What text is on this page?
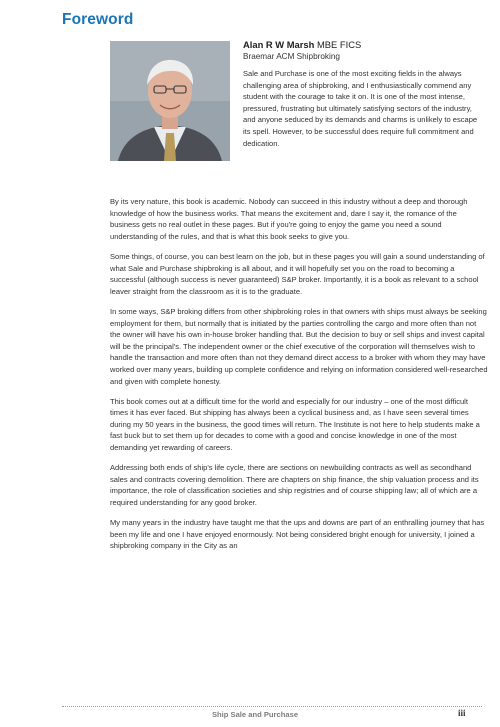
Foreword
Alan R W Marsh MBE FICS
Braemar ACM Shipbroking

Sale and Purchase is one of the most exciting fields in the always challenging area of shipbroking, and I enthusiastically commend any student with the courage to take it on. It is one of the most intense, pressured, frustrating but ultimately satisfying sectors of the industry, and anyone seduced by its demands and charms is unlikely to escape its spell. However, to be successful does require full commitment and dedication.

By its very nature, this book is academic. Nobody can succeed in this industry without a deep and thorough knowledge of how the business works. That means the excitement and, dare I say it, the romance of the business gets no real outlet in these pages. But if you're going to enjoy the game you need a sound understanding of the rules, and that is what this book seeks to give you.

Some things, of course, you can best learn on the job, but in these pages you will gain a sound understanding of what Sale and Purchase shipbroking is all about, and it will hopefully set you on the road to becoming a successful (although success is never guaranteed) S&P broker. Importantly, it is a book as relevant to a school leaver straight from the classroom as it is to the graduate.

In some ways, S&P broking differs from other shipbroking roles in that owners with ships must always be seeking employment for them, but normally that is initiated by the parties controlling the cargo and more often than not the owner will have his own in-house broker handling that. But the decision to buy or sell ships and invest capital will be the principal's. The independent owner or the chief executive of the corporation will themselves wish to handle the transaction and more often than not they demand direct access to a broker with whom they may have worked over many years, building up complete confidence and relying on information considered well-researched and given with complete honesty.

This book comes out at a difficult time for the world and especially for our industry – one of the most difficult times it has ever faced. But shipping has always been a cyclical business and, as I have seen several times during my 50 years in the business, the good times will return. The Institute is not here to help students make a fast buck but to set them up for decades to come with a good and concise knowledge in one of the most demanding yet rewarding of careers.

Addressing both ends of ship's life cycle, there are sections on newbuilding contracts as well as secondhand sales and contracts covering demolition. There are chapters on ship finance, the ship valuation process and its importance, the role of classification societies and ship registries and of course shipping law; all of which are a required understanding for any good broker.

My many years in the industry have taught me that the ups and downs are part of an enthralling journey that has been my life and one I have enjoyed enormously. Not being considered bright enough for university, I joined a shipbroking company in the City as an

Ship Sale and Purchase	iii
